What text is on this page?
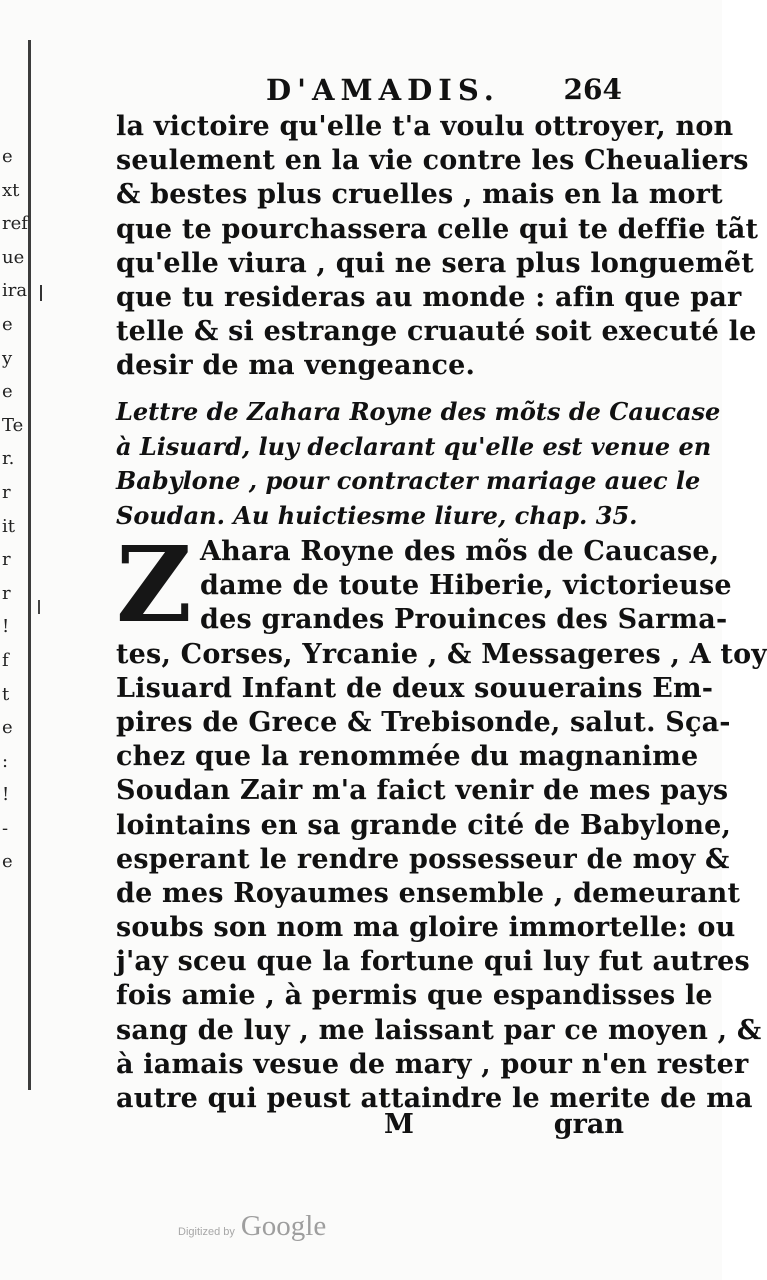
e
xt
ref
ue
ira
e
y
e
Te
r.
r
it
r
r
!
f
t
e
:
!
-
e
D'AMADIS. 264
la victoire qu'elle t'a voulu ottroyer, non
seulement en la vie contre les Cheualiers
& bestes plus cruelles , mais en la mort
que te pourchassera celle qui te deffie tãt
qu'elle viura , qui ne sera plus longuemẽt
que tu resideras au monde : afin que par
telle & si estrange cruauté soit executé le
desir de ma vengeance.
Lettre de Zahara Royne des mõts de Caucase
à Lisuard, luy declarant qu'elle est venue en
Babylone , pour contracter mariage auec le
Soudan. Au huictiesme liure, chap. 35.
Z Ahara Royne des mõs de Caucase,
dame de toute Hiberie, victorieuse
des grandes Prouinces des Sarma-
tes, Corses, Yrcanie , & Messageres , A toy
Lisuard Infant de deux souuerains Em-
pires de Grece & Trebisonde, salut. Sça-
chez que la renommée du magnanime
Soudan Zair m'a faict venir de mes pays
lointains en sa grande cité de Babylone,
esperant le rendre possesseur de moy &
de mes Royaumes ensemble , demeurant
soubs son nom ma gloire immortelle: ou
j'ay sceu que la fortune qui luy fut autres
fois amie , à permis que espandisses le
sang de luy , me laissant par ce moyen , &
à iamais vesue de mary , pour n'en rester
autre qui peust attaindre le merite de ma
M	gran
Digitized by Google
